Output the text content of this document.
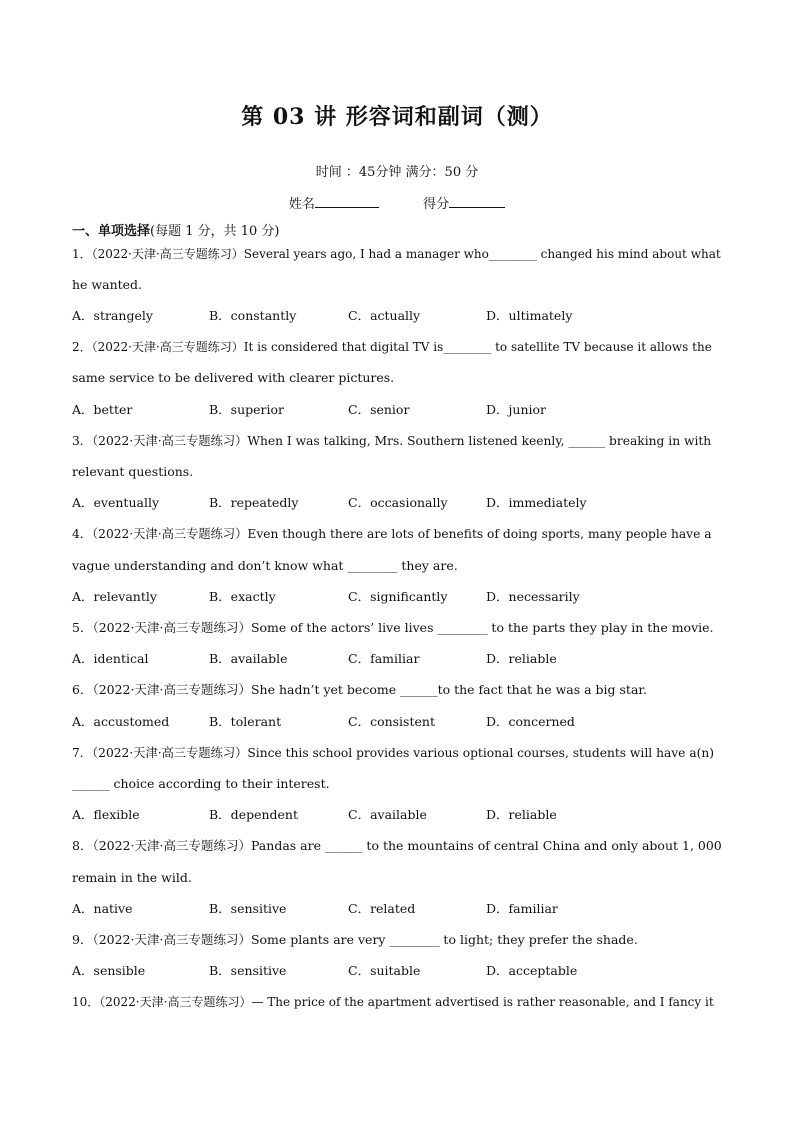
第 03 讲 形容词和副词（测）
时间 ：45分钟 满分：50 分
姓名	得分
一、单项选择(每题 1 分，共 10 分)
1．（2022·天津·高三专题练习）Several years ago, I had a manager who________ changed his mind about what
he wanted.
A．strangely	B．constantly	C．actually	D．ultimately
2．（2022·天津·高三专题练习）It is considered that digital TV is________ to satellite TV because it allows the
same service to be delivered with clearer pictures.
A．better	B．superior	C．senior	D．junior
3．（2022·天津·高三专题练习）When I was talking, Mrs. Southern listened keenly, ______ breaking in with
relevant questions.
A．eventually	B．repeatedly	C．occasionally	D．immediately
4．（2022·天津·高三专题练习）Even though there are lots of benefits of doing sports, many people have a
vague understanding and don’t know what ________ they are.
A．relevantly	B．exactly	C．significantly	D．necessarily
5．（2022·天津·高三专题练习）Some of the actors’ live lives ________ to the parts they play in the movie.
A．identical	B．available	C．familiar	D．reliable
6．（2022·天津·高三专题练习）She hadn’t yet become ______to the fact that he was a big star.
A．accustomed	B．tolerant	C．consistent	D．concerned
7．（2022·天津·高三专题练习）Since this school provides various optional courses, students will have a(n)
______ choice according to their interest.
A．flexible	B．dependent	C．available	D．reliable
8．（2022·天津·高三专题练习）Pandas are ______ to the mountains of central China and only about 1, 000
remain in the wild.
A．native	B．sensitive	C．related	D．familiar
9．（2022·天津·高三专题练习）Some plants are very ________ to light; they prefer the shade.
A．sensible	B．sensitive	C．suitable	D．acceptable
10．（2022·天津·高三专题练习）— The price of the apartment advertised is rather reasonable, and I fancy it
